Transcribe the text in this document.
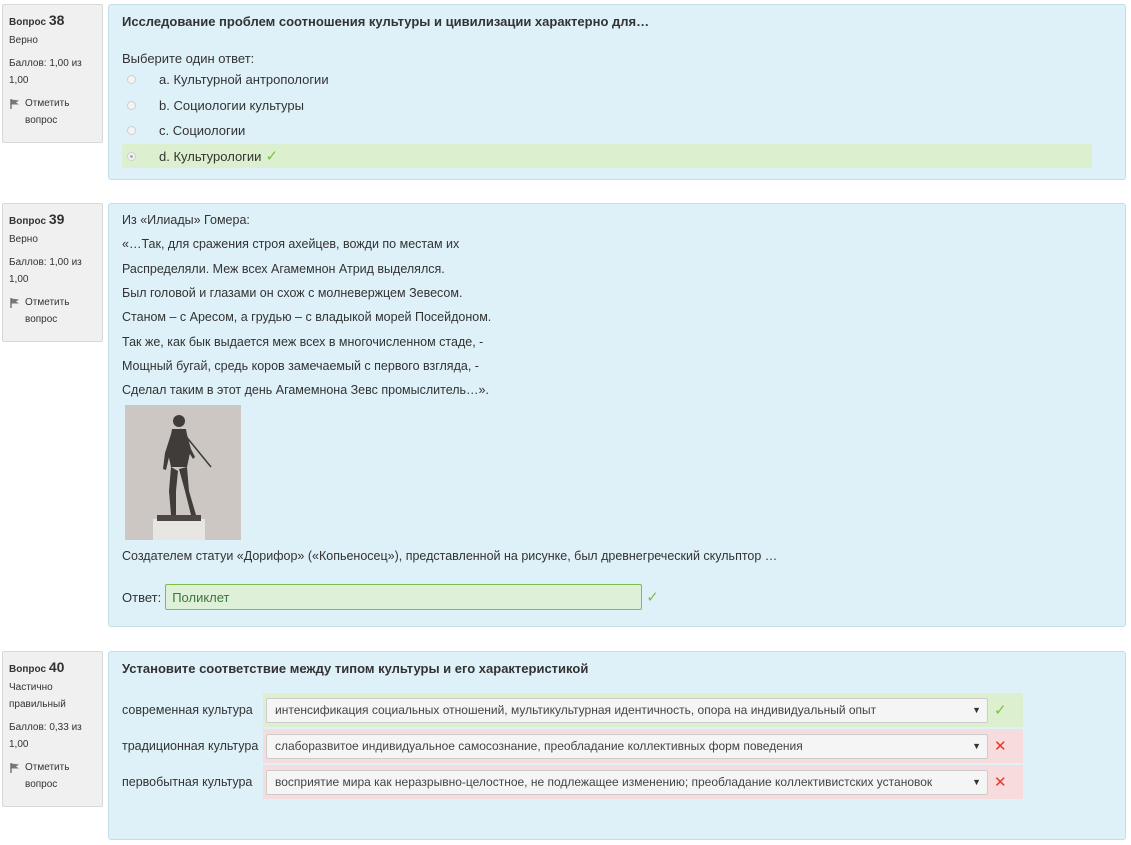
Вопрос 38
Верно
Баллов: 1,00 из
1,00
Отметить
вопрос
Исследование проблем соотношения культуры и цивилизации характерно для…
Выберите один ответ:
a. Культурной антропологии
b. Социологии культуры
c. Социологии
d. Культурологии ✓
Вопрос 39
Верно
Баллов: 1,00 из
1,00
Отметить
вопрос
Из «Илиады» Гомера:
«…Так, для сражения строя ахейцев, вожди по местам их
Распределяли. Меж всех Агамемнон Атрид выделялся.
Был головой и глазами он схож с молневержцем Зевесом.
Станом – с Аресом, а грудью – с владыкой морей Посейдоном.
Так же, как бык выдается меж всех в многочисленном стаде, -
Мощный бугай, средь коров замечаемый с первого взгляда, -
Сделал таким в этот день Агамемнона Зевс промыслитель…».
Создателем статуи «Дорифор» («Копьеносец»), представленной на рисунке, был древнегреческий скульптор …
Ответ: Поликлет	✓
Вопрос 40
Частично
правильный
Баллов: 0,33 из
1,00
Отметить
вопрос
Установите соответствие между типом культуры и его характеристикой
современная культура	интенсификация социальных отношений, мультикультурная идентичность, опора на индивидуальный опыт	▼ ✓
традиционная культура	слаборазвитое индивидуальное самосознание, преобладание коллективных форм поведения	▼ ✕
первобытная культура	восприятие мира как неразрывно-целостное, не подлежащее изменению; преобладание коллективистских установок	▼ ✕
